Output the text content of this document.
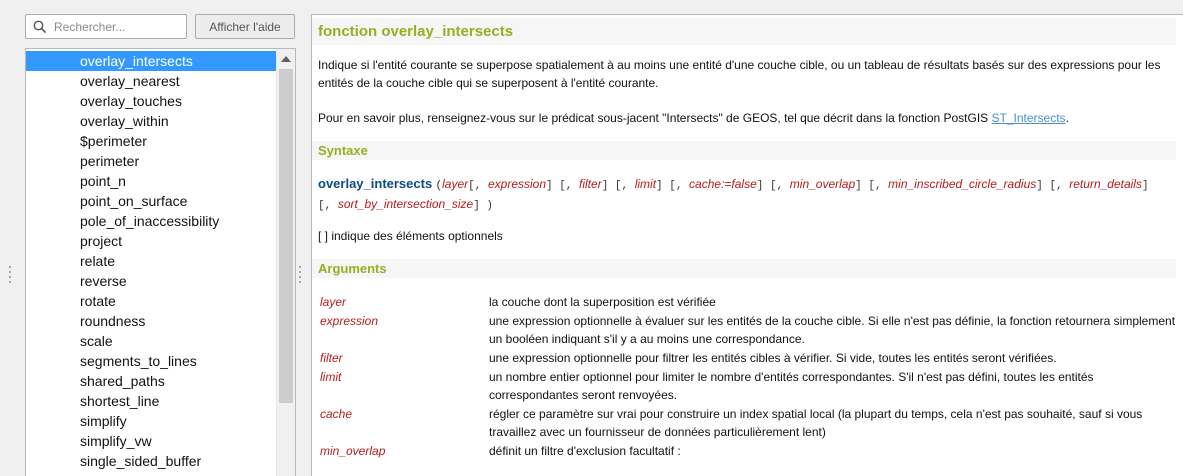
Rechercher...
Afficher l'aide
overlay_intersects
overlay_nearest
overlay_touches
overlay_within
$perimeter
perimeter
point_n
point_on_surface
pole_of_inaccessibility
project
relate
reverse
rotate
roundness
scale
segments_to_lines
shared_paths
shortest_line
simplify
simplify_vw
single_sided_buffer
fonction overlay_intersects
Indique si l'entité courante se superpose spatialement à au moins une entité d'une couche cible, ou un tableau de résultats basés sur des expressions pour les entités de la couche cible qui se superposent à l'entité courante.
Pour en savoir plus, renseignez-vous sur le prédicat sous-jacent "Intersects" de GEOS, tel que décrit dans la fonction PostGIS ST_Intersects.
Syntaxe
overlay_intersects (layer[, expression] [, filter] [, limit] [, cache:=false] [, min_overlap] [, min_inscribed_circle_radius] [, return_details] [, sort_by_intersection_size] )
[ ] indique des éléments optionnels
Arguments
layer	la couche dont la superposition est vérifiée
expression	une expression optionnelle à évaluer sur les entités de la couche cible. Si elle n'est pas définie, la fonction retournera simplement un booléen indiquant s'il y a au moins une correspondance.
filter	une expression optionnelle pour filtrer les entités cibles à vérifier. Si vide, toutes les entités seront vérifiées.
limit	un nombre entier optionnel pour limiter le nombre d'entités correspondantes. S'il n'est pas défini, toutes les entités correspondantes seront renvoyées.
cache	régler ce paramètre sur vrai pour construire un index spatial local (la plupart du temps, cela n'est pas souhaité, sauf si vous travaillez avec un fournisseur de données particulièrement lent)
min_overlap	définit un filtre d'exclusion facultatif :
